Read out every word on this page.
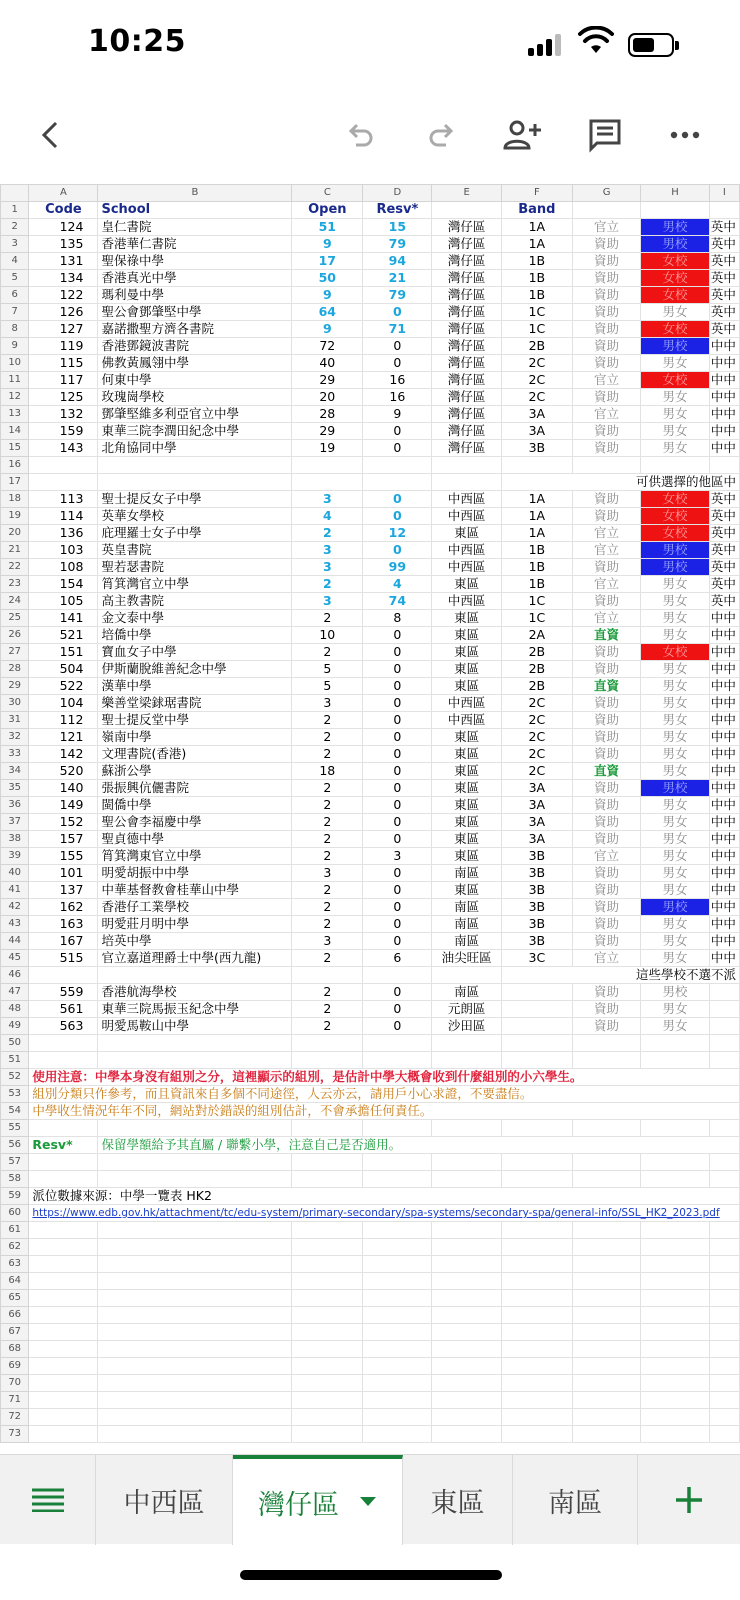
10:25
	A	B	C	D	E	F	G	H	I
1	Code	School	Open	Resv*		Band			
2	124	皇仁書院	51	15	灣仔區	1A	官立	男校	英中
3	135	香港華仁書院	9	79	灣仔區	1A	資助	男校	英中
4	131	聖保祿中學	17	94	灣仔區	1B	資助	女校	英中
5	134	香港真光中學	50	21	灣仔區	1B	資助	女校	英中
6	122	瑪利曼中學	9	79	灣仔區	1B	資助	女校	英中
7	126	聖公會鄧肇堅中學	64	0	灣仔區	1C	資助	男女	英中
8	127	嘉諾撒聖方濟各書院	9	71	灣仔區	1C	資助	女校	英中
9	119	香港鄧鏡波書院	72	0	灣仔區	2B	資助	男校	中中
10	115	佛教黃鳳翎中學	40	0	灣仔區	2C	資助	男女	中中
11	117	何東中學	29	16	灣仔區	2C	官立	女校	中中
12	125	玫瑰崗學校	20	16	灣仔區	2C	資助	男女	中中
13	132	鄧肇堅維多利亞官立中學	28	9	灣仔區	3A	官立	男女	中中
14	159	東華三院李潤田紀念中學	29	0	灣仔區	3A	資助	男女	中中
15	143	北角協同中學	19	0	灣仔區	3B	資助	男女	中中
16									
17						可供選擇的他區中			
18	113	聖士提反女子中學	3	0	中西區	1A	資助	女校	英中
19	114	英華女學校	4	0	中西區	1A	資助	女校	英中
20	136	庇理羅士女子中學	2	12	東區	1A	官立	女校	英中
21	103	英皇書院	3	0	中西區	1B	官立	男校	英中
22	108	聖若瑟書院	3	99	中西區	1B	資助	男校	英中
23	154	筲箕灣官立中學	2	4	東區	1B	官立	男女	英中
24	105	高主教書院	3	74	中西區	1C	資助	男女	英中
25	141	金文泰中學	2	8	東區	1C	官立	男女	中中
26	521	培僑中學	10	0	東區	2A	直資	男女	中中
27	151	寶血女子中學	2	0	東區	2B	資助	女校	中中
28	504	伊斯蘭脫維善紀念中學	5	0	東區	2B	資助	男女	中中
29	522	漢華中學	5	0	東區	2B	直資	男女	中中
30	104	樂善堂梁銶琚書院	3	0	中西區	2C	資助	男女	中中
31	112	聖士提反堂中學	2	0	中西區	2C	資助	男女	中中
32	121	嶺南中學	2	0	東區	2C	資助	男女	中中
33	142	文理書院(香港)	2	0	東區	2C	資助	男女	中中
34	520	蘇浙公學	18	0	東區	2C	直資	男女	中中
35	140	張振興伉儷書院	2	0	東區	3A	資助	男校	中中
36	149	閩僑中學	2	0	東區	3A	資助	男女	中中
37	152	聖公會李福慶中學	2	0	東區	3A	資助	男女	中中
38	157	聖貞德中學	2	0	東區	3A	資助	男女	中中
39	155	筲箕灣東官立中學	2	3	東區	3B	官立	男女	中中
40	101	明愛胡振中中學	3	0	南區	3B	資助	男女	中中
41	137	中華基督教會桂華山中學	2	0	東區	3B	資助	男女	中中
42	162	香港仔工業學校	2	0	南區	3B	資助	男校	中中
43	163	明愛莊月明中學	2	0	南區	3B	資助	男女	中中
44	167	培英中學	3	0	南區	3B	資助	男女	中中
45	515	官立嘉道理爵士中學(西九龍)	2	6	油尖旺區	3C	官立	男女	中中
46						這些學校不選不派			
47	559	香港航海學校	2	0	南區		資助	男校	
48	561	東華三院馬振玉紀念中學	2	0	元朗區		資助	男女	
49	563	明愛馬鞍山中學	2	0	沙田區		資助	男女	
50									
51									
52	使用注意：中學本身沒有組別之分，這裡顯示的組別，是估計中學大概會收到什麼組別的小六學生。								
53	組別分類只作參考，而且資訊來自多個不同途徑，人云亦云，請用戶小心求證，不要盡信。								
54	中學收生情況年年不同，網站對於錯誤的組別估計，不會承擔任何責任。								
55									
56	Resv*	保留學額給予其直屬 / 聯繫小學，注意自己是否適用。							
57									
58									
59	派位數據來源：中學一覽表 HK2								
60	https://www.edb.gov.hk/attachment/tc/edu-system/primary-secondary/spa-systems/secondary-spa/general-info/SSL_HK2_2023.pdf								
61									
62									
63									
64									
65									
66									
67									
68									
69									
70									
71									
72									
73									
中西區 灣仔區	東區 南區
